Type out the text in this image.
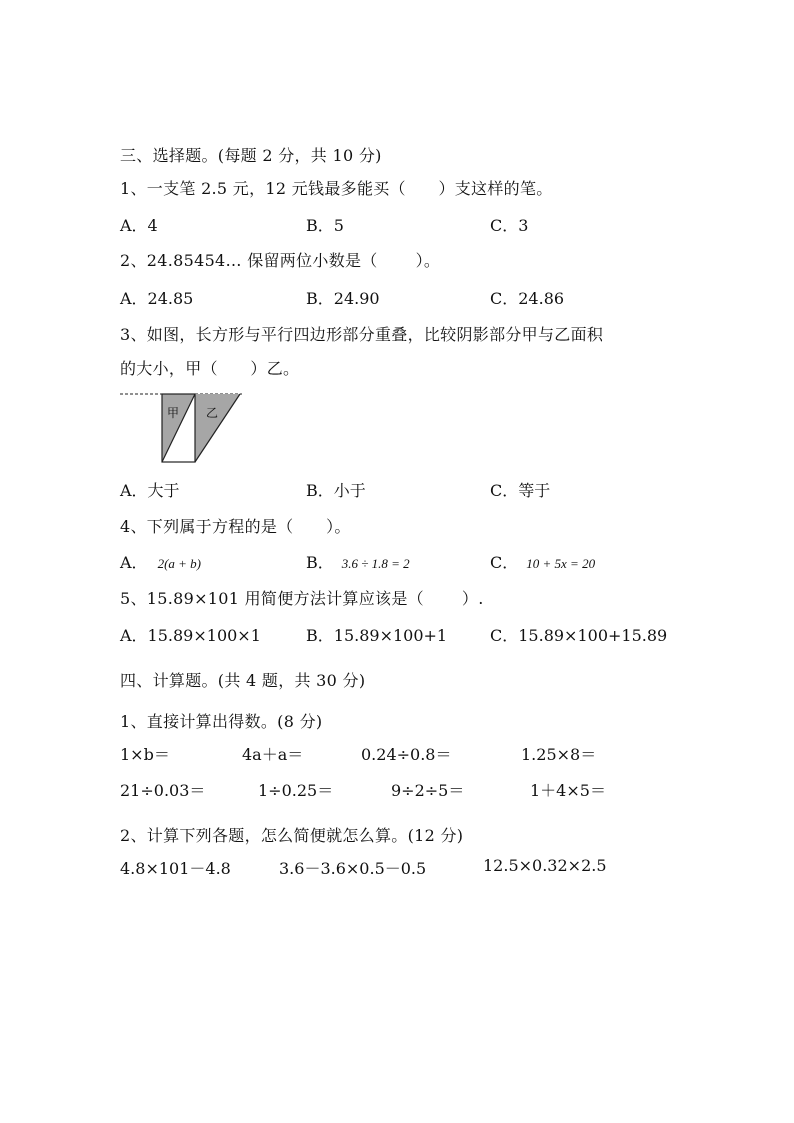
三、选择题。(每题 2 分，共 10 分)
1、一支笔 2.5 元，12 元钱最多能买（　　）支这样的笔。
A．4	B．5	C．3
2、24.85454… 保留两位小数是（　　 ）。
A．24.85	B．24.90	C．24.86
3、如图，长方形与平行四边形部分重叠，比较阴影部分甲与乙面积
的大小，甲（　　）乙。
甲 乙
A．大于	B．小于	C．等于
4、下列属于方程的是（　　）。
A． 2(a + b)	B． 3.6 ÷ 1.8 = 2	C． 10 + 5x = 20
5、15.89×101 用简便方法计算应该是（　　 ）.
A．15.89×100×1	B．15.89×100+1	C．15.89×100+15.89
四、计算题。(共 4 题，共 30 分)
1、直接计算出得数。(8 分)
1×b＝	4a＋a＝	0.24÷0.8＝	1.25×8＝
21÷0.03＝	1÷0.25＝	9÷2÷5＝	1＋4×5＝
2、计算下列各题，怎么简便就怎么算。(12 分)
4.8×101－4.8	3.6－3.6×0.5－0.5	12.5×0.32×2.5
